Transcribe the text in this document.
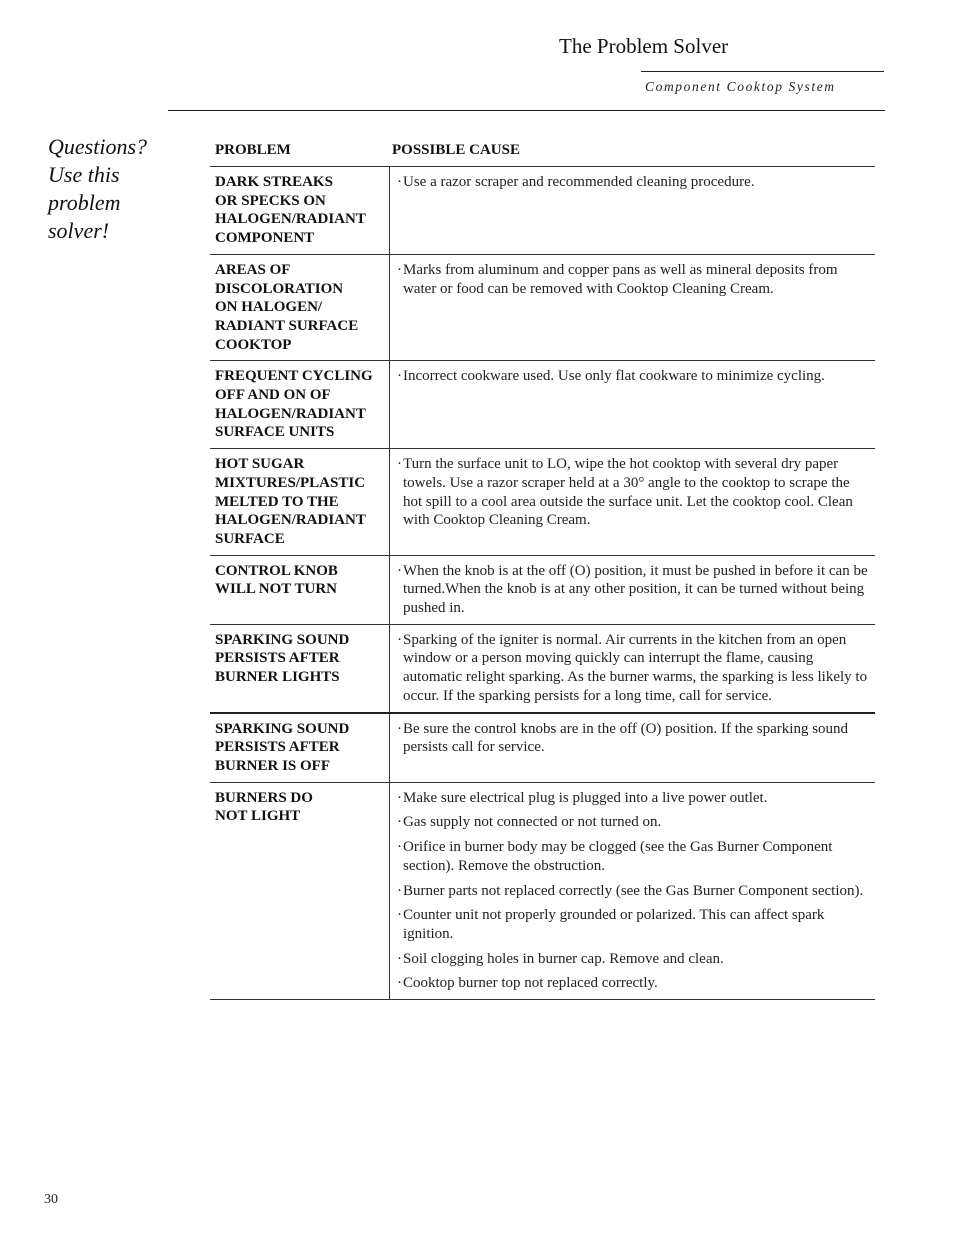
The Problem Solver
Component Cooktop System
Questions?
Use this
problem
solver!
PROBLEM	POSSIBLE CAUSE
DARK STREAKS
OR SPECKS ON
HALOGEN/RADIANT
COMPONENT
· Use a razor scraper and recommended cleaning procedure.
AREAS OF
DISCOLORATION
ON HALOGEN/
RADIANT SURFACE
COOKTOP
· Marks from aluminum and copper pans as well as mineral deposits from water or food can be removed with Cooktop Cleaning Cream.
FREQUENT CYCLING
OFF AND ON OF
HALOGEN/RADIANT
SURFACE UNITS
· Incorrect cookware used. Use only flat cookware to minimize cycling.
HOT SUGAR
MIXTURES/PLASTIC
MELTED TO THE
HALOGEN/RADIANT
SURFACE
· Turn the surface unit to LO, wipe the hot cooktop with several dry paper towels. Use a razor scraper held at a 30° angle to the cooktop to scrape the hot spill to a cool area outside the surface unit. Let the cooktop cool. Clean with Cooktop Cleaning Cream.
CONTROL KNOB
WILL NOT TURN
· When the knob is at the off (O) position, it must be pushed in before it can be turned.When the knob is at any other position, it can be turned without being pushed in.
SPARKING SOUND
PERSISTS AFTER
BURNER LIGHTS
· Sparking of the igniter is normal. Air currents in the kitchen from an open window or a person moving quickly can interrupt the flame, causing automatic relight sparking. As the burner warms, the sparking is less likely to occur. If the sparking persists for a long time, call for service.
SPARKING SOUND
PERSISTS AFTER
BURNER IS OFF
· Be sure the control knobs are in the off (O) position. If the sparking sound persists call for service.
BURNERS DO
NOT LIGHT
· Make sure electrical plug is plugged into a live power outlet.
· Gas supply not connected or not turned on.
· Orifice in burner body may be clogged (see the Gas Burner Component section). Remove the obstruction.
· Burner parts not replaced correctly (see the Gas Burner Component section).
· Counter unit not properly grounded or polarized. This can affect spark ignition.
· Soil clogging holes in burner cap. Remove and clean.
· Cooktop burner top not replaced correctly.
30
